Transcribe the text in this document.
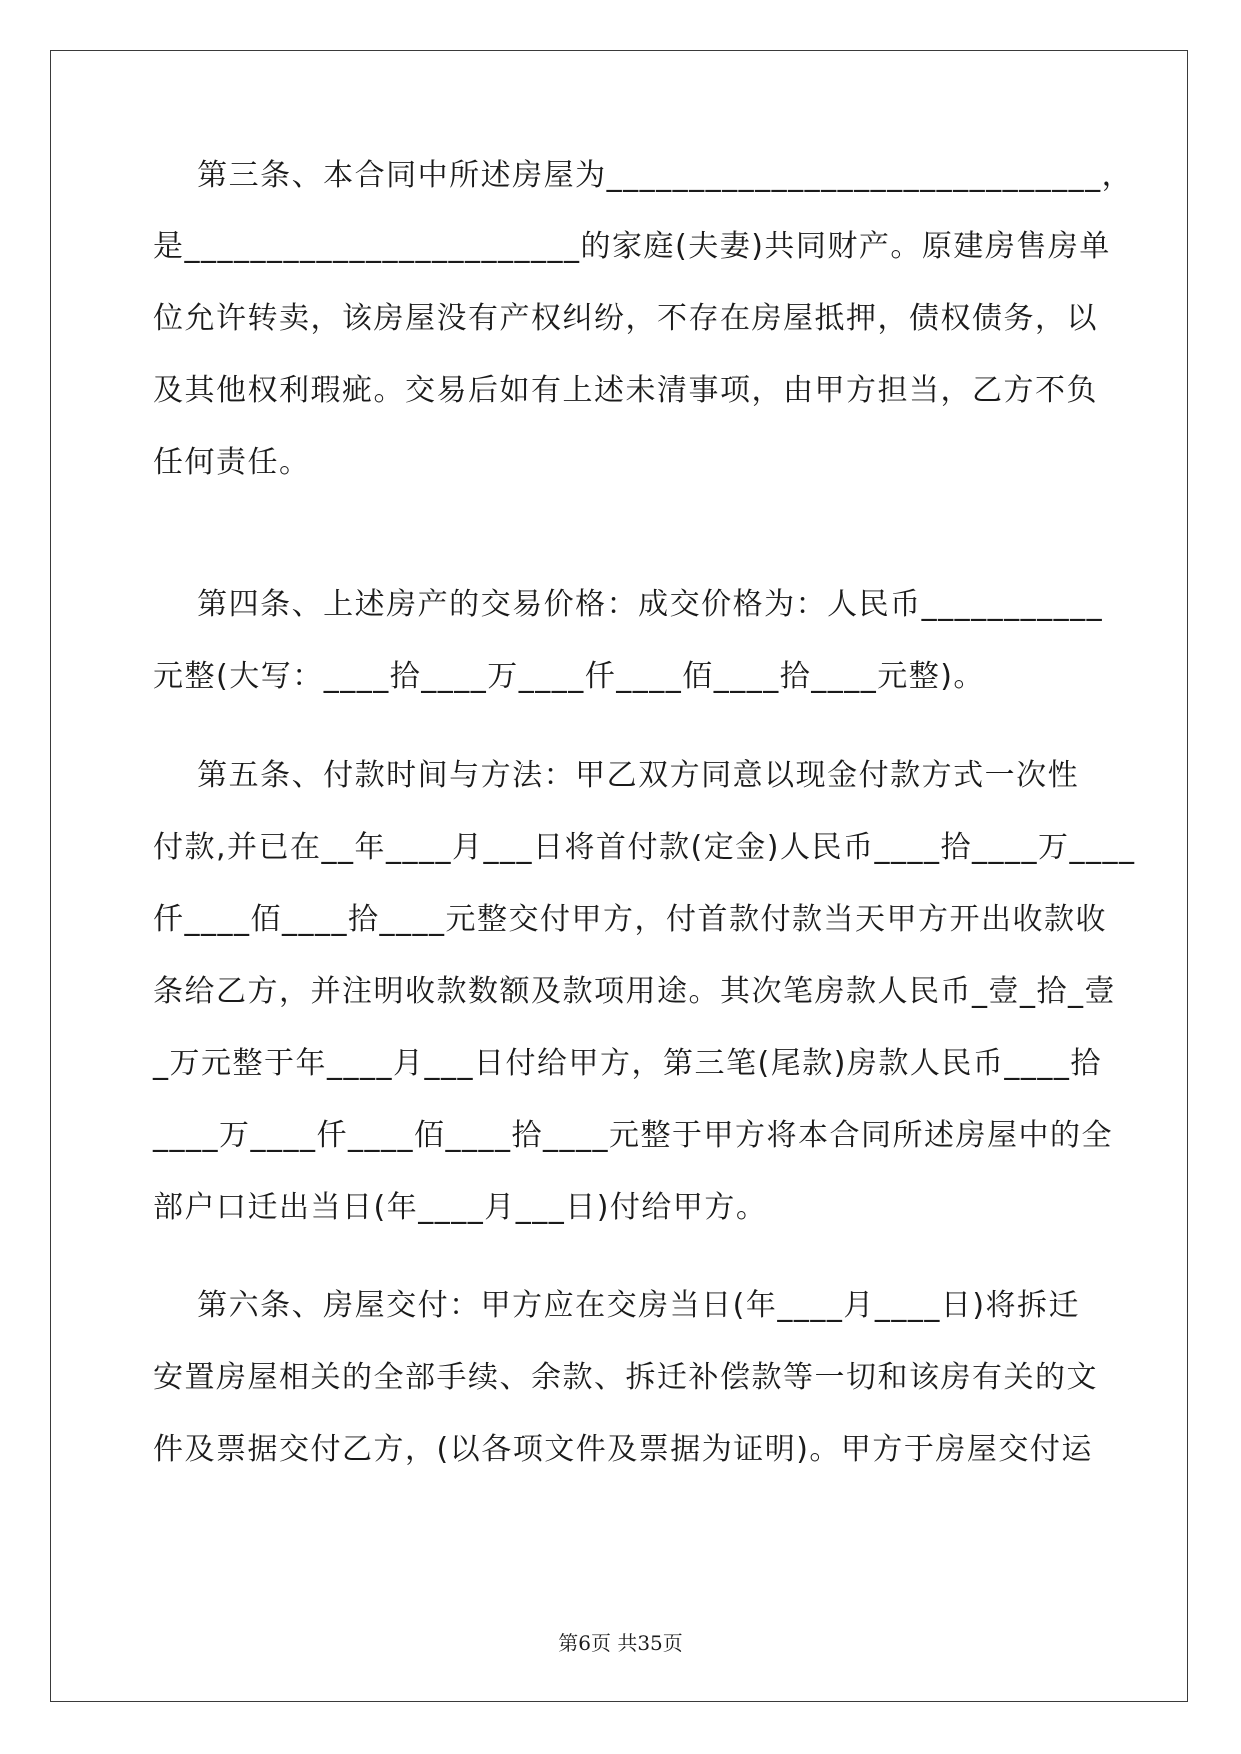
第三条、本合同中所述房屋为______________________________，
是________________________的家庭(夫妻)共同财产。原建房售房单
位允许转卖，该房屋没有产权纠纷，不存在房屋抵押，债权债务，以
及其他权利瑕疵。交易后如有上述未清事项，由甲方担当，乙方不负
任何责任。
第四条、上述房产的交易价格：成交价格为：人民币___________
元整(大写：____拾____万____仟____佰____拾____元整)。
第五条、付款时间与方法：甲乙双方同意以现金付款方式一次性
付款,并已在__年____月___日将首付款(定金)人民币____拾____万____
仟____佰____拾____元整交付甲方，付首款付款当天甲方开出收款收
条给乙方，并注明收款数额及款项用途。其次笔房款人民币_壹_拾_壹
_万元整于年____月___日付给甲方，第三笔(尾款)房款人民币____拾
____万____仟____佰____拾____元整于甲方将本合同所述房屋中的全
部户口迁出当日(年____月___日)付给甲方。
第六条、房屋交付：甲方应在交房当日(年____月____日)将拆迁
安置房屋相关的全部手续、余款、拆迁补偿款等一切和该房有关的文
件及票据交付乙方，(以各项文件及票据为证明)。甲方于房屋交付运
第6页 共35页
